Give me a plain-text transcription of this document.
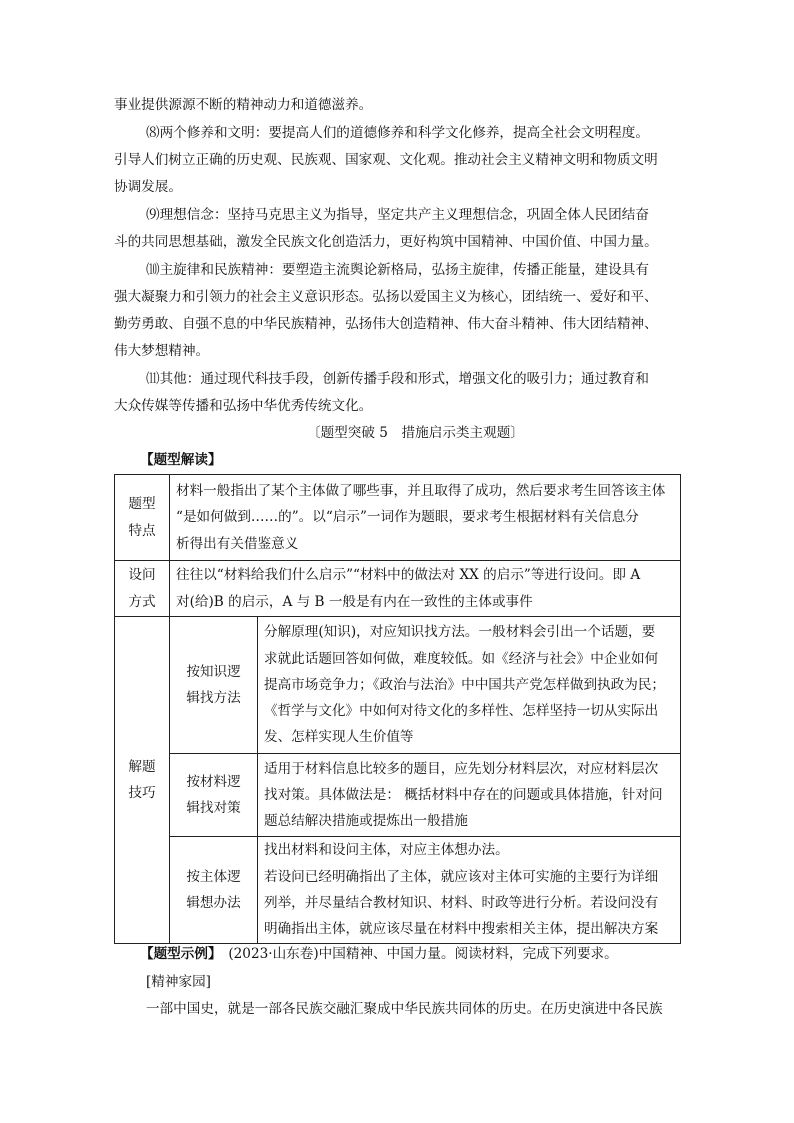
事业提供源源不断的精神动力和道德滋养。
⑻两个修养和文明：要提高人们的道德修养和科学文化修养，提高全社会文明程度。
引导人们树立正确的历史观、民族观、国家观、文化观。推动社会主义精神文明和物质文明
协调发展。
⑼理想信念：坚持马克思主义为指导，坚定共产主义理想信念，巩固全体人民团结奋
斗的共同思想基础，激发全民族文化创造活力，更好构筑中国精神、中国价值、中国力量。
⑽主旋律和民族精神：要塑造主流舆论新格局，弘扬主旋律，传播正能量，建设具有
强大凝聚力和引领力的社会主义意识形态。弘扬以爱国主义为核心，团结统一、爱好和平、
勤劳勇敢、自强不息的中华民族精神，弘扬伟大创造精神、伟大奋斗精神、伟大团结精神、
伟大梦想精神。
⑾其他：通过现代科技手段，创新传播手段和形式，增强文化的吸引力；通过教育和
大众传媒等传播和弘扬中华优秀传统文化。
〔题型突破 5　措施启示类主观题〕
【题型解读】
题型
特点	材料一般指出了某个主体做了哪些事，并且取得了成功，然后要求考生回答该主体
“是如何做到……的”。以“启示”一词作为题眼，要求考生根据材料有关信息分
析得出有关借鉴意义	

设问
方式	往往以“材料给我们什么启示”“材料中的做法对 XX 的启示”等进行设问。即 A
对(给)B 的启示，A 与 B 一般是有内在一致性的主体或事件	

解题
技巧	按知识逻
辑找方法	分解原理(知识)，对应知识找方法。一般材料会引出一个话题，要
求就此话题回答如何做，难度较低。如《经济与社会》中企业如何
提高市场竞争力；《政治与法治》中中国共产党怎样做到执政为民；
《哲学与文化》中如何对待文化的多样性、怎样坚持一切从实际出
发、怎样实现人生价值等

	按材料逻
辑找对策	适用于材料信息比较多的题目，应先划分材料层次，对应材料层次
找对策。具体做法是： 概括材料中存在的问题或具体措施，针对问
题总结解决措施或提炼出一般措施

	按主体逻
辑想办法	找出材料和设问主体，对应主体想办法。
若设问已经明确指出了主体，就应该对主体可实施的主要行为详细
列举，并尽量结合教材知识、材料、时政等进行分析。若设问没有
明确指出主体，就应该尽量在材料中搜索相关主体，提出解决方案
【题型示例】　(2023·山东卷)中国精神、中国力量。阅读材料，完成下列要求。
[精神家园]
一部中国史，就是一部各民族交融汇聚成中华民族共同体的历史。在历史演进中各民族
